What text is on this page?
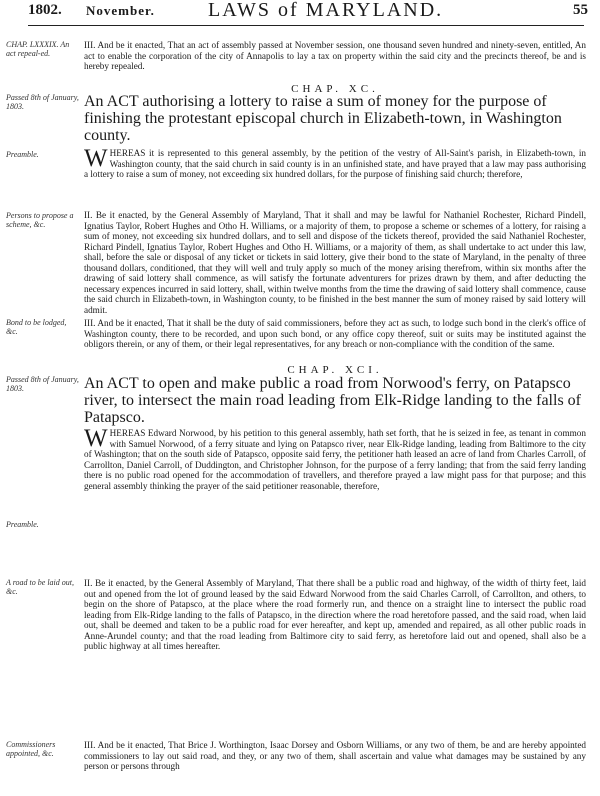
1802. November.	LAWS of MARYLAND.	55
CHAP. LXXXIX. An act repeal-ed.
III. And be it enacted, That an act of assembly passed at November session, one thousand seven hundred and ninety-seven, entitled, An act to enable the corporation of the city of Annapolis to lay a tax on property within the said city and the precincts thereof, be and is hereby repealed.
CHAP. XC.
Passed 8th of January, 1803.	An ACT authorising a lottery to raise a sum of money for the purpose of finishing the protestant episcopal church in Elizabeth-town, in Washington county.
Preamble.	WHEREAS it is represented to this general assembly, by the petition of the vestry of All-Saint's parish, in Elizabeth-town, in Washington county, that the said church in said county is in an unfinished state, and have prayed that a law may pass authorising a lottery to raise a sum of money, not exceeding six hundred dollars, for the purpose of finishing said church; therefore,
Persons to propose a scheme, &c.
II. Be it enacted, by the General Assembly of Maryland, That it shall and may be lawful for Nathaniel Rochester, Richard Pindell, Ignatius Taylor, Robert Hughes and Otho H. Williams, or a majority of them, to propose a scheme or schemes of a lottery, for raising a sum of money, not exceeding six hundred dollars, and to sell and dispose of the tickets thereof, provided the said Nathaniel Rochester, Richard Pindell, Ignatius Taylor, Robert Hughes and Otho H. Williams, or a majority of them, as shall undertake to act under this law, shall, before the sale or disposal of any ticket or tickets in said lottery, give their bond to the state of Maryland, in the penalty of three thousand dollars, conditioned, that they will well and truly apply so much of the money arising therefrom, within six months after the drawing of said lottery shall commence, as will satisfy the fortunate adventurers for prizes drawn by them, and after deducting the necessary expences incurred in said lottery, shall, within twelve months from the time the drawing of said lottery shall commence, cause the said church in Elizabeth-town, in Washington county, to be finished in the best manner the sum of money raised by said lottery will admit.
Bond to be lodged, &c.
III. And be it enacted, That it shall be the duty of said commissioners, before they act as such, to lodge such bond in the clerk's office of Washington county, there to be recorded, and upon such bond, or any office copy thereof, suit or suits may be instituted against the obligors therein, or any of them, or their legal representatives, for any breach or non-compliance with the condition of the same.
CHAP. XCI.
Passed 8th of January, 1803.	An ACT to open and make public a road from Norwood's ferry, on Patapsco river, to intersect the main road leading from Elk-Ridge landing to the falls of Patapsco.
Preamble.
WHEREAS Edward Norwood, by his petition to this general assembly, hath set forth, that he is seized in fee, as tenant in common with Samuel Norwood, of a ferry situate and lying on Patapsco river, near Elk-Ridge landing, leading from Baltimore to the city of Washington; that on the south side of Patapsco, opposite said ferry, the petitioner hath leased an acre of land from Charles Carroll, of Carrollton, Daniel Carroll, of Duddington, and Christopher Johnson, for the purpose of a ferry landing; that from the said ferry landing there is no public road opened for the accommodation of travellers, and therefore prayed a law might pass for that purpose; and this general assembly thinking the prayer of the said petitioner reasonable, therefore,
A road to be laid out, &c.
II. Be it enacted, by the General Assembly of Maryland, That there shall be a public road and highway, of the width of thirty feet, laid out and opened from the lot of ground leased by the said Edward Norwood from the said Charles Carroll, of Carrollton, and others, to begin on the shore of Patapsco, at the place where the road formerly run, and thence on a straight line to intersect the public road leading from Elk-Ridge landing to the falls of Patapsco, in the direction where the road heretofore passed, and the said road, when laid out, shall be deemed and taken to be a public road for ever hereafter, and kept up, amended and repaired, as all other public roads in Anne-Arundel county; and that the road leading from Baltimore city to said ferry, as heretofore laid out and opened, shall also be a public highway at all times hereafter.
Commissioners appointed, &c.
III. And be it enacted, That Brice J. Worthington, Isaac Dorsey and Osborn Williams, or any two of them, be and are hereby appointed commissioners to lay out said road, and they, or any two of them, shall ascertain and value what damages may be sustained by any person or persons through
